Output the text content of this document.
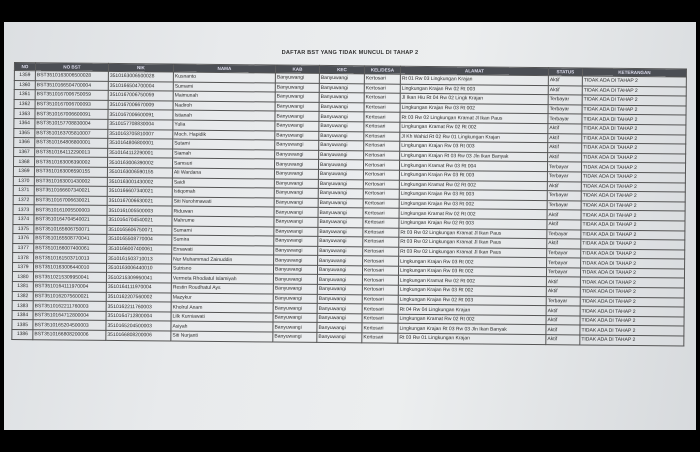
DAFTAR BST YANG TIDAK MUNCUL DI TAHAP 2
NO	NO BST	NIK	NAMA	KAB	KEC	KEL/DESA	ALAMAT	STATUS	KETERANGAN
1359	BST3510163006500028	3510163006500028	Kusnanto	Banyuwangi	Banyuwangi	Kertosari	Rt 01 Rw 03 Lingkungan Krajan	Aktif	TIDAK ADA DI TAHAP 2
1360	BST3510166504700004	3510166504700004	Sumami	Banyuwangi	Banyuwangi	Kertosari	Lingkungan Krajan Rw 02 Rt 003	Aktif	TIDAK ADA DI TAHAP 2
1361	BST3510167006750059	3510167006750059	Maimunah	Banyuwangi	Banyuwangi	Kertosari	Jl Ikan Hiu Rt 04 Rw 02 Lingk Krajan	Terbayar	TIDAK ADA DI TAHAP 2
1362	BST3510167006700093	3510167006670009	Nadiroh	Banyuwangi	Banyuwangi	Kertosari	Lingkungan Krajan Rw 03 Rt 002	Terbayar	TIDAK ADA DI TAHAP 2
1363	BST3510167006600091	3510167006600091	Istianah	Banyuwangi	Banyuwangi	Kertosari	Rt 03 Rw 02 Lingkungan Kramat Jl Ikan Paus	Terbayar	TIDAK ADA DI TAHAP 2
1364	BST3510157708830004	3510157708830004	Yulia	Banyuwangi	Banyuwangi	Kertosari	Lingkungan Kramat Rw 02 Rt 002	Aktif	TIDAK ADA DI TAHAP 2
1365	BST3510163705810007	3510163705810007	Moch. Hapidik	Banyuwangi	Banyuwangi	Kertosari	Jl Kh Wahid Rt 02 Rw 01 Lingkungan Krajan	Aktif	TIDAK ADA DI TAHAP 2
1366	BST3510164806800001	3510164806800001	Sutami	Banyuwangi	Banyuwangi	Kertosari	Lingkungan Krajan Rw 03 Rt 003	Aktif	TIDAK ADA DI TAHAP 2
1367	BST3510164112290013	3510164112290001	Siamah	Banyuwangi	Banyuwangi	Kertosari	Lingkungan Krajan Rt 03 Rw 03 Jln Ikan Banyak	Aktif	TIDAK ADA DI TAHAP 2
1368	BST3510163006390002	3510163006390002	Samsuri	Banyuwangi	Banyuwangi	Kertosari	Lingkungan Kramat Rw 03 Rt 004	Terbayar	TIDAK ADA DI TAHAP 2
1369	BST3510163006590155	3510163006590155	Ali Wardana	Banyuwangi	Banyuwangi	Kertosari	Lingkungan Krajan Rw 03 Rt 003	Terbayar	TIDAK ADA DI TAHAP 2
1370	BST3510163001430002	3510163001430002	Saidi	Banyuwangi	Banyuwangi	Kertosari	Lingkungan Kramat Rw 02 Rt 002	Aktif	TIDAK ADA DI TAHAP 2
1371	BST3510166607340021	3510166607340021	Istiqomah	Banyuwangi	Banyuwangi	Kertosari	Lingkungan Krajan Rw 03 Rt 003	Terbayar	TIDAK ADA DI TAHAP 2
1372	BST3510167006630021	3510167006630021	Siti Nurohmawati	Banyuwangi	Banyuwangi	Kertosari	Lingkungan Krajan Rw 03 Rt 002	Terbayar	TIDAK ADA DI TAHAP 2
1373	BST3510161005500003	3510161005500003	Riduwan	Banyuwangi	Banyuwangi	Kertosari	Lingkungan Kramat Rw 02 Rt 002	Aktif	TIDAK ADA DI TAHAP 2
1374	BST3510164704540021	3510164704540021	Mahrume	Banyuwangi	Banyuwangi	Kertosari	Lingkungan Krajan Rw 02 Rt 003	Aktif	TIDAK ADA DI TAHAP 2
1375	BST3510165606750071	3510165606750071	Sumami	Banyuwangi	Banyuwangi	Kertosari	Rt 03 Rw 02 Lingkungan Kramat Jl Ikan Paus	Terbayar	TIDAK ADA DI TAHAP 2
1376	BST3510165508770041	3510165508770004	Sumira	Banyuwangi	Banyuwangi	Kertosari	Rt 03 Rw 02 Lingkungan Kramat Jl Ikan Paus	Aktif	TIDAK ADA DI TAHAP 2
1377	BST3510166007400061	3510166007400061	Ernawati	Banyuwangi	Banyuwangi	Kertosari	Rt 03 Rw 02 Lingkungan Kramat Jl Ikan Paus	Terbayar	TIDAK ADA DI TAHAP 2
1378	BST3510161503710013	3510161503710013	Nur Muhammad Zainuddin	Banyuwangi	Banyuwangi	Kertosari	Lingkungan Krajan Rw 03 Rt 002	Terbayar	TIDAK ADA DI TAHAP 2
1379	BST3510163006440010	3510163006440010	Sutrisno	Banyuwangi	Banyuwangi	Kertosari	Lingkungan Krajan Rw 03 Rt 002	Terbayar	TIDAK ADA DI TAHAP 2
1380	BST3510215309950041	3510215309950041	Vermeta Rhodiatul Islamiyah	Banyuwangi	Banyuwangi	Kertosari	Lingkungan Kramat Rw 02 Rt 002	Aktif	TIDAK ADA DI TAHAP 2
1381	BST3510164111970004	3510164111970004	Restin Roudhatul Ays	Banyuwangi	Banyuwangi	Kertosari	Lingkungan Krajan Rw 03 Rt 002	Aktif	TIDAK ADA DI TAHAP 2
1382	BST3510162075600021	3510162207560002	Mazykur	Banyuwangi	Banyuwangi	Kertosari	Lingkungan Krajan Rw 02 Rt 003	Terbayar	TIDAK ADA DI TAHAP 2
1383	BST3510162211760003	3510162211760003	Kholrul Anam	Banyuwangi	Banyuwangi	Kertosari	Rt 04 Rw 04 Lingkungan Krajan	Aktif	TIDAK ADA DI TAHAP 2
1384	BST3510164712800004	3510164712800004	Lilk Kurniawati	Banyuwangi	Banyuwangi	Kertosari	Lingkungan Kramat Rw 02 Rt 002	Aktif	TIDAK ADA DI TAHAP 2
1385	BST3510165204500003	3510165204500003	Asiyah	Banyuwangi	Banyuwangi	Kertosari	Lingkungan Krajan Rt 03 Rw 03 Jln Ikan Banyak	Aktif	TIDAK ADA DI TAHAP 2
1386	BST3510166808200006	3510166808200006	Siti Nurjanti	Banyuwangi	Banyuwangi	Kertosari	Rt 03 Rw 01 Lingkungan Krajan	Aktif	TIDAK ADA DI TAHAP 2
